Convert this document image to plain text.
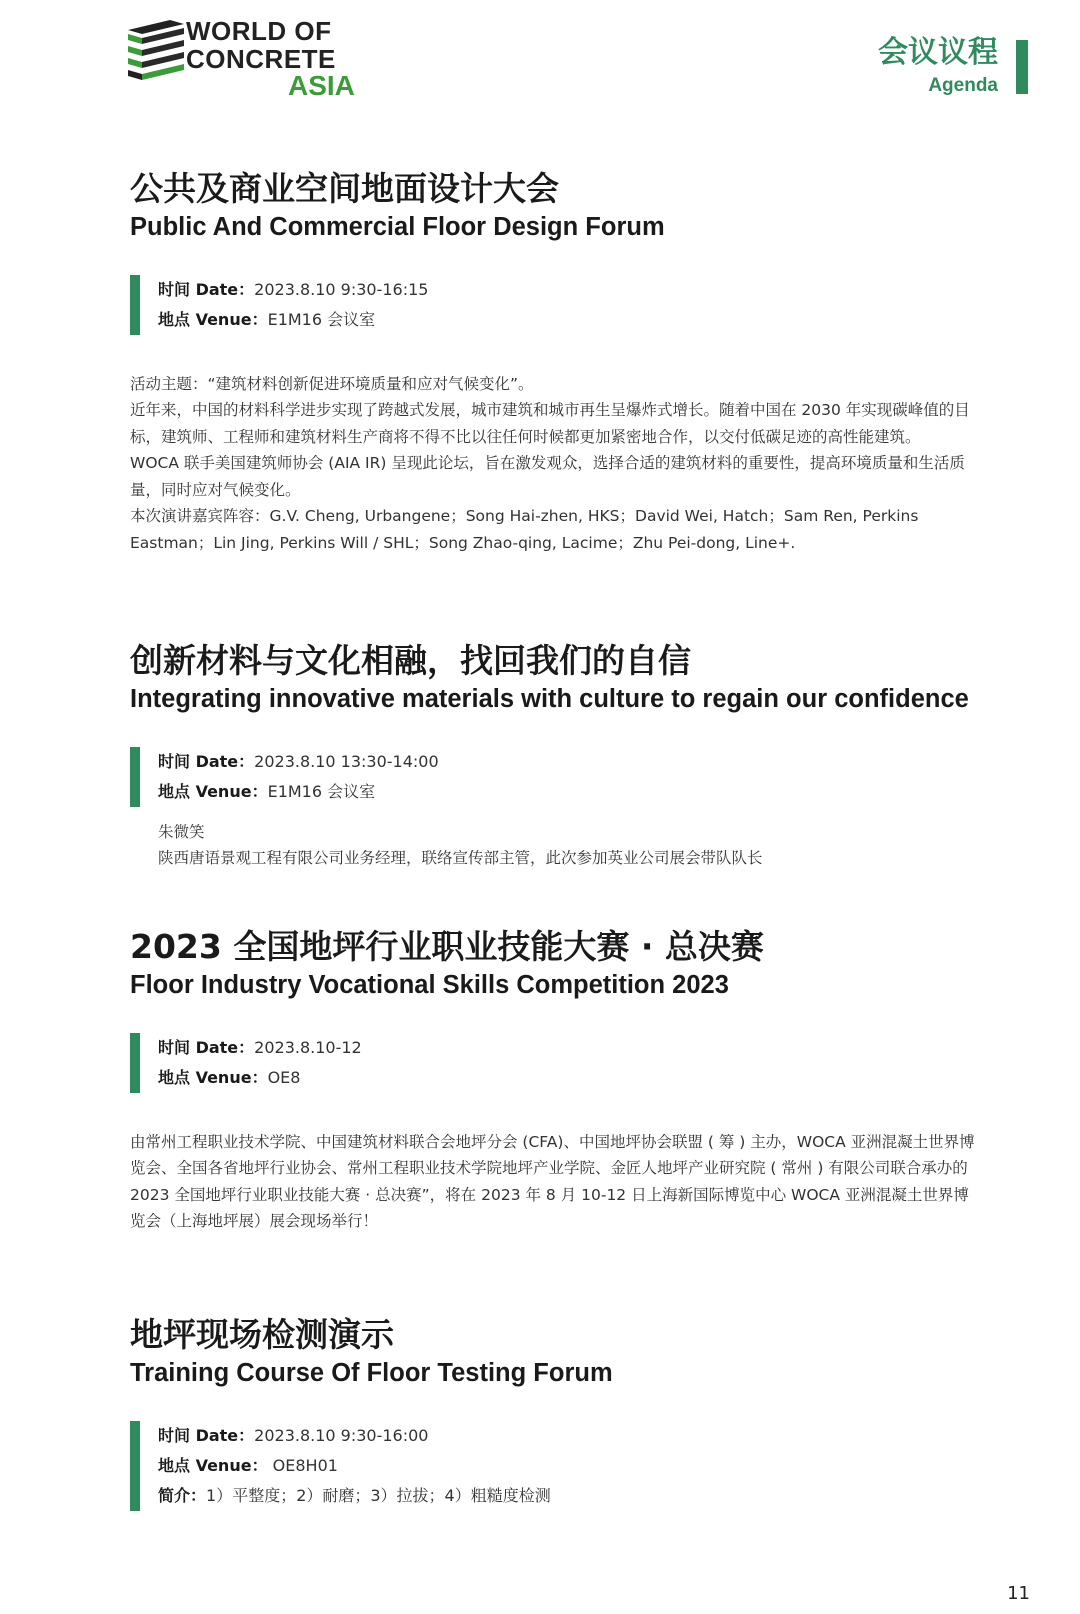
WORLD OF
CONCRETE
ASIA
会议议程
Agenda
公共及商业空间地面设计大会
Public And Commercial Floor Design Forum
时间 Date：2023.8.10 9:30-16:15
地点 Venue：E1M16 会议室

活动主题：“建筑材料创新促进环境质量和应对气候变化”。

近年来，中国的材料科学进步实现了跨越式发展，城市建筑和城市再生呈爆炸式增长。随着中国在 2030 年实现碳峰值的目标，建筑师、工程师和建筑材料生产商将不得不比以往任何时候都更加紧密地合作，以交付低碳足迹的高性能建筑。

WOCA 联手美国建筑师协会 (AIA IR) 呈现此论坛，旨在激发观众，选择合适的建筑材料的重要性，提高环境质量和生活质量，同时应对气候变化。

本次演讲嘉宾阵容：G.V. Cheng, Urbangene；Song Hai-zhen, HKS；David Wei, Hatch；Sam Ren, Perkins Eastman；Lin Jing, Perkins Will / SHL；Song Zhao-qing, Lacime；Zhu Pei-dong, Line+.

创新材料与文化相融，找回我们的自信
Integrating innovative materials with culture to regain our confidence
时间 Date：2023.8.10 13:30-14:00
地点 Venue：E1M16 会议室

朱微笑

陕西唐语景观工程有限公司业务经理，联络宣传部主管，此次参加英业公司展会带队队长

2023 全国地坪行业职业技能大赛 · 总决赛
Floor Industry Vocational Skills Competition 2023
时间 Date：2023.8.10-12
地点 Venue：OE8

由常州工程职业技术学院、中国建筑材料联合会地坪分会 (CFA)、中国地坪协会联盟 ( 筹 ) 主办，WOCA 亚洲混凝土世界博览会、全国各省地坪行业协会、常州工程职业技术学院地坪产业学院、金匠人地坪产业研究院 ( 常州 ) 有限公司联合承办的 2023 全国地坪行业职业技能大赛 · 总决赛”，将在 2023 年 8 月 10-12 日上海新国际博览中心 WOCA 亚洲混凝土世界博览会（上海地坪展）展会现场举行！

地坪现场检测演示
Training Course Of Floor Testing Forum
时间 Date：2023.8.10 9:30-16:00
地点 Venue： OE8H01
简介：1）平整度；2）耐磨；3）拉拔；4）粗糙度检测
11
